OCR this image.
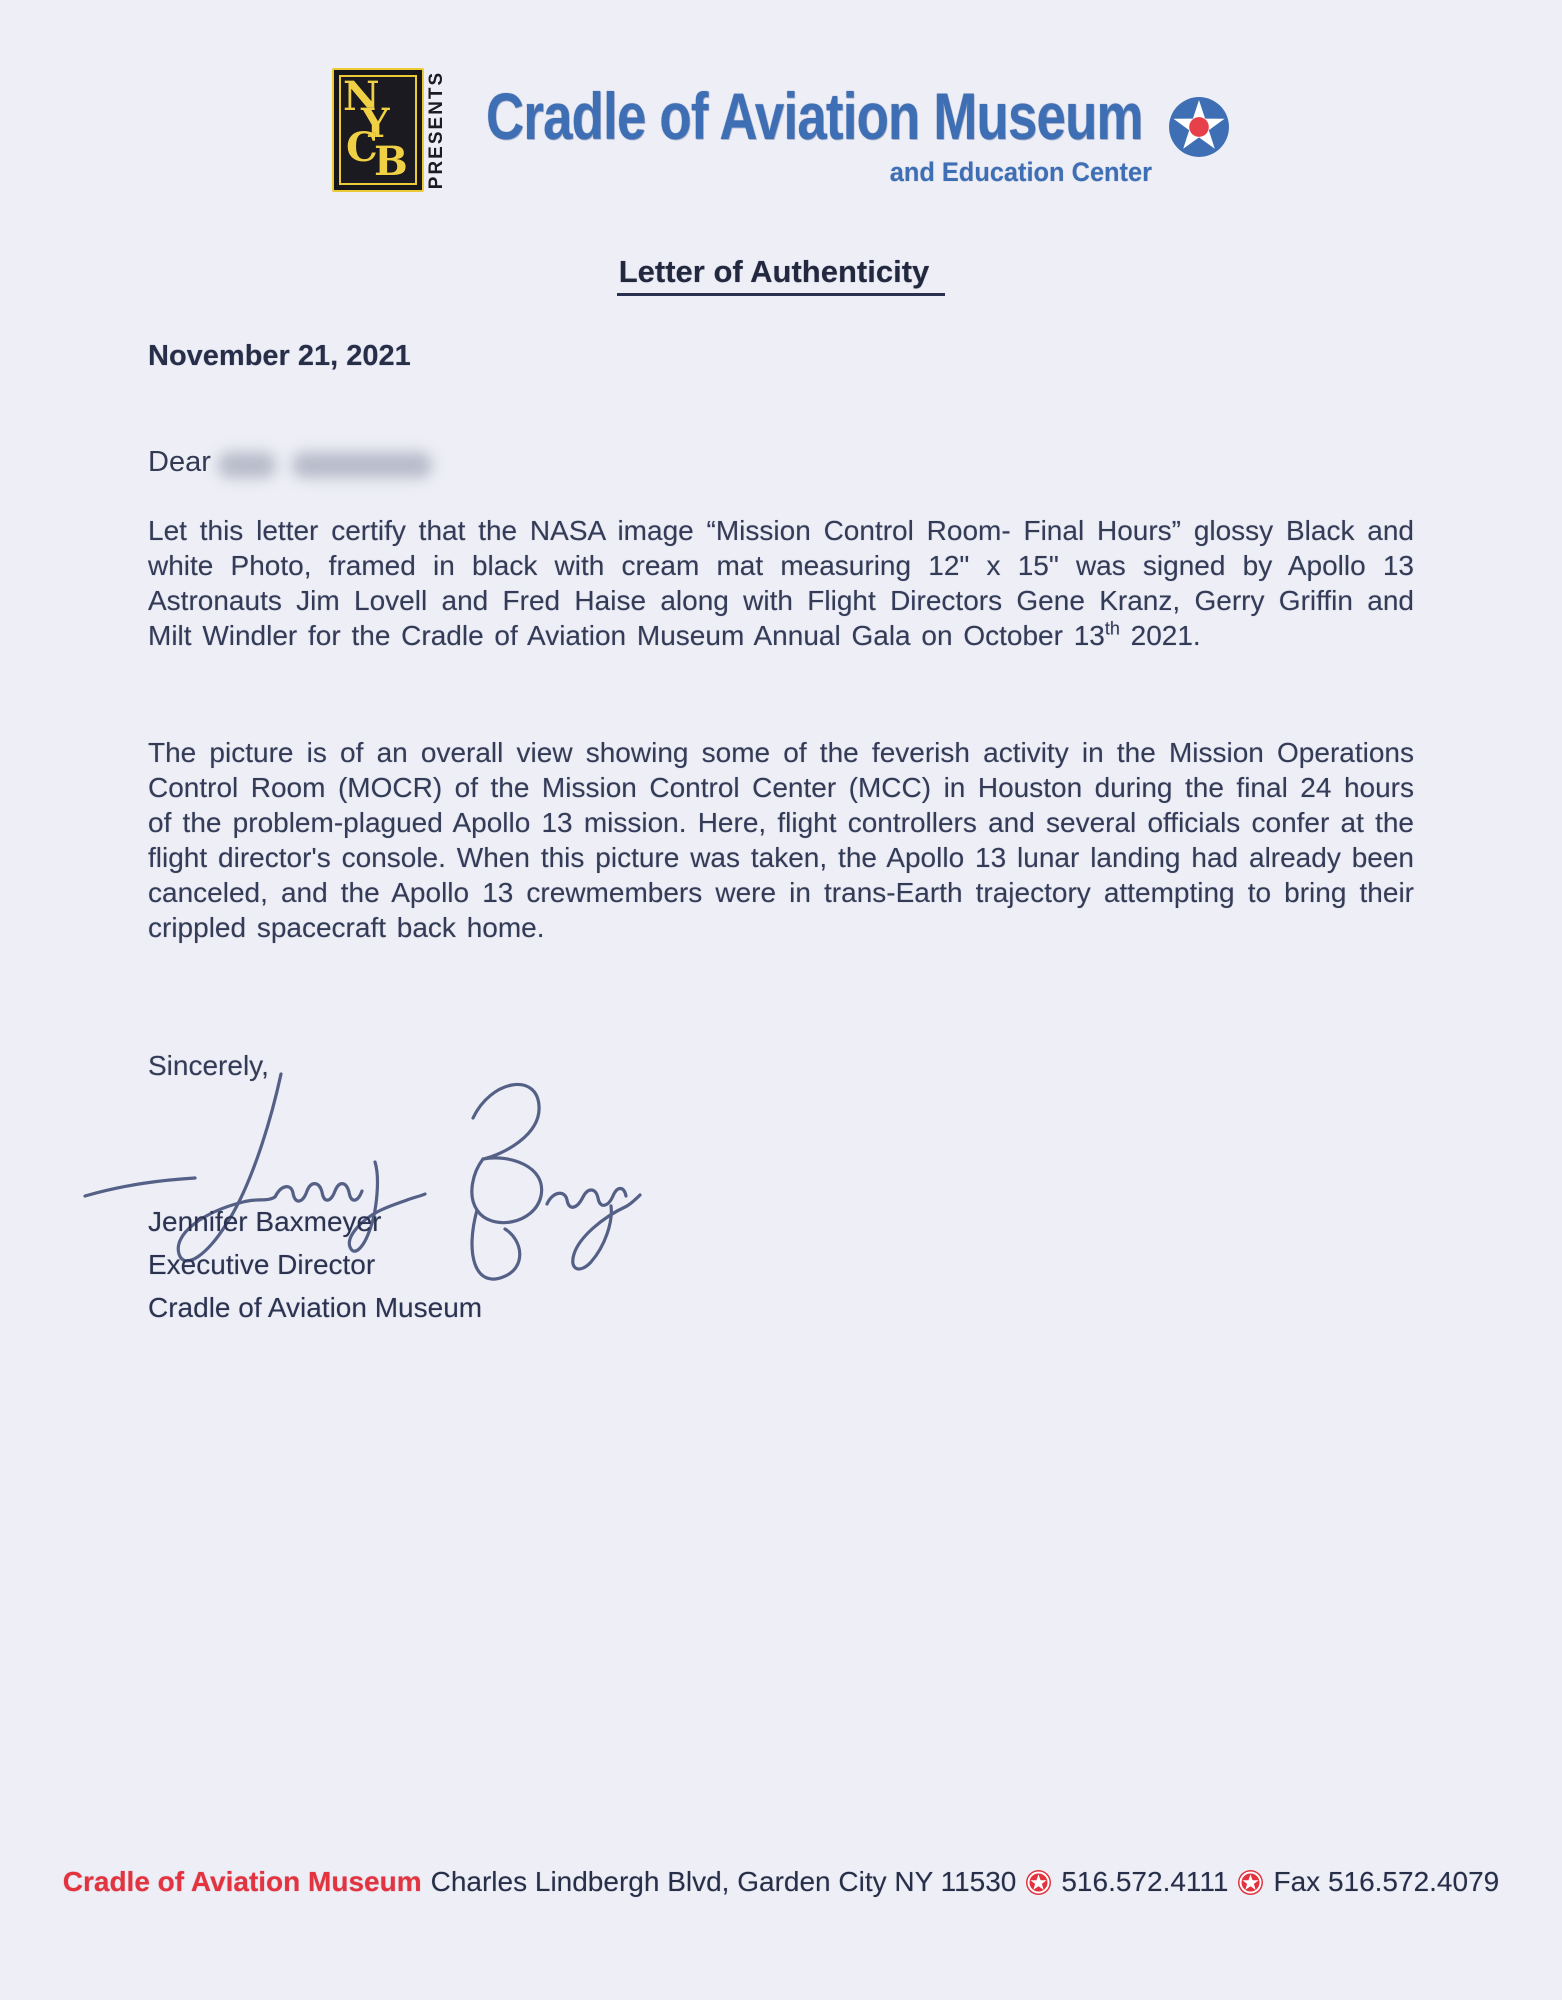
N
Y
C
B PRESENTS Cradle of Aviation Museum
and Education Center
Letter of Authenticity
November 21, 2021
Dear

Let this letter certify that the NASA image “Mission Control Room- Final Hours” glossy Black and white Photo, framed in black with cream mat measuring 12" x 15" was signed by Apollo 13 Astronauts Jim Lovell and Fred Haise along with Flight Directors Gene Kranz, Gerry Griffin and Milt Windler for the Cradle of Aviation Museum Annual Gala on October 13th 2021.

The picture is of an overall view showing some of the feverish activity in the Mission Operations Control Room (MOCR) of the Mission Control Center (MCC) in Houston during the final 24 hours of the problem-plagued Apollo 13 mission. Here, flight controllers and several officials confer at the flight director's console. When this picture was taken, the Apollo 13 lunar landing had already been canceled, and the Apollo 13 crewmembers were in trans-Earth trajectory attempting to bring their crippled spacecraft back home.

Sincerely,
Jennifer Baxmeyer
Executive Director
Cradle of Aviation Museum
Cradle of Aviation Museum Charles Lindbergh Blvd, Garden City NY 11530 516.572.4111 Fax 516.572.4079
